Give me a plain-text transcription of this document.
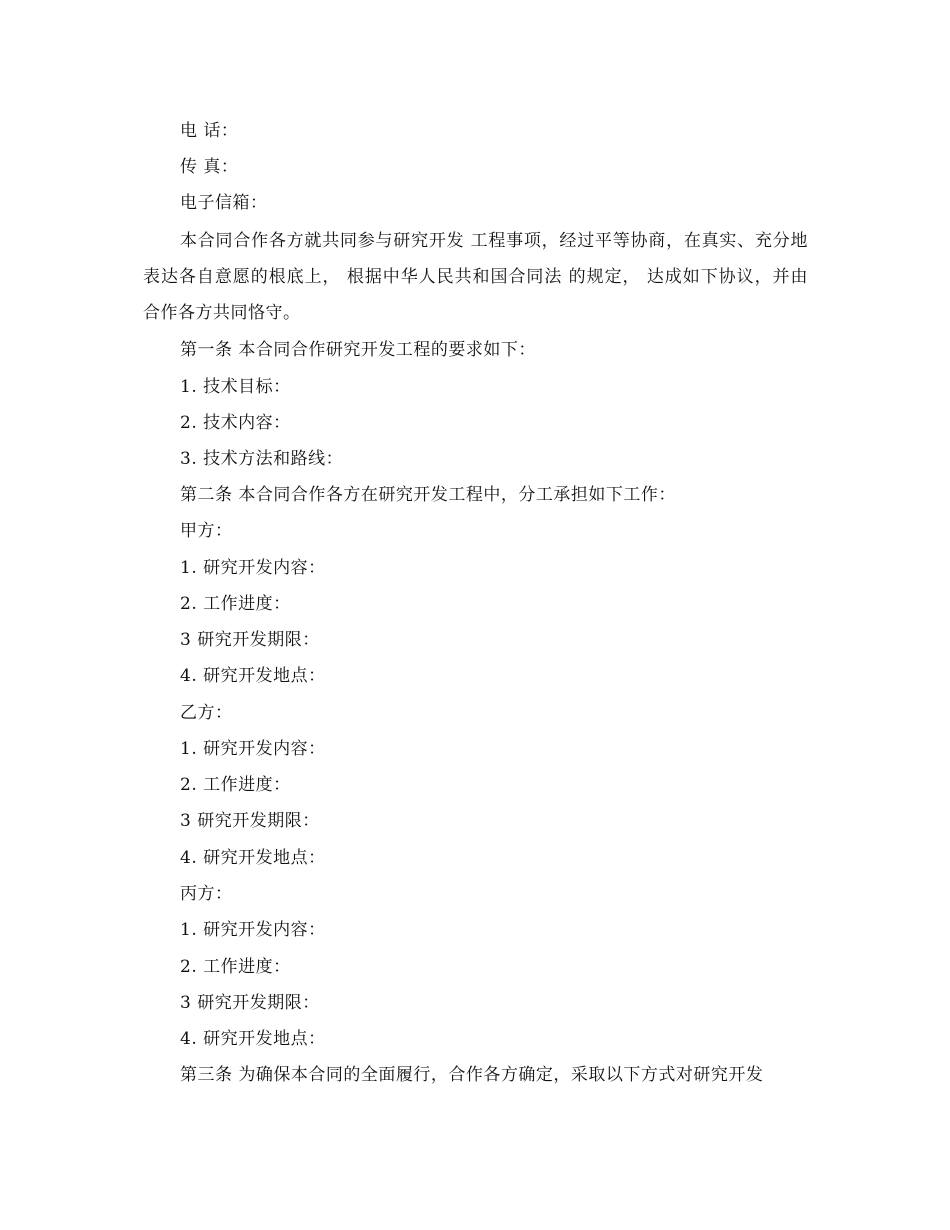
电 话：
传 真：
电子信箱：
本合同合作各方就共同参与研究开发 工程事项，经过平等协商，在真实、充分地表达各自意愿的根底上， 根据中华人民共和国合同法 的规定， 达成如下协议，并由合作各方共同恪守。
第一条 本合同合作研究开发工程的要求如下：
1. 技术目标：
2. 技术内容：
3. 技术方法和路线：
第二条 本合同合作各方在研究开发工程中，分工承担如下工作：
甲方：
1. 研究开发内容：
2. 工作进度：
3 研究开发期限：
4. 研究开发地点：
乙方：
1. 研究开发内容：
2. 工作进度：
3 研究开发期限：
4. 研究开发地点：
丙方：
1. 研究开发内容：
2. 工作进度：
3 研究开发期限：
4. 研究开发地点：
第三条 为确保本合同的全面履行，合作各方确定，采取以下方式对研究开发
